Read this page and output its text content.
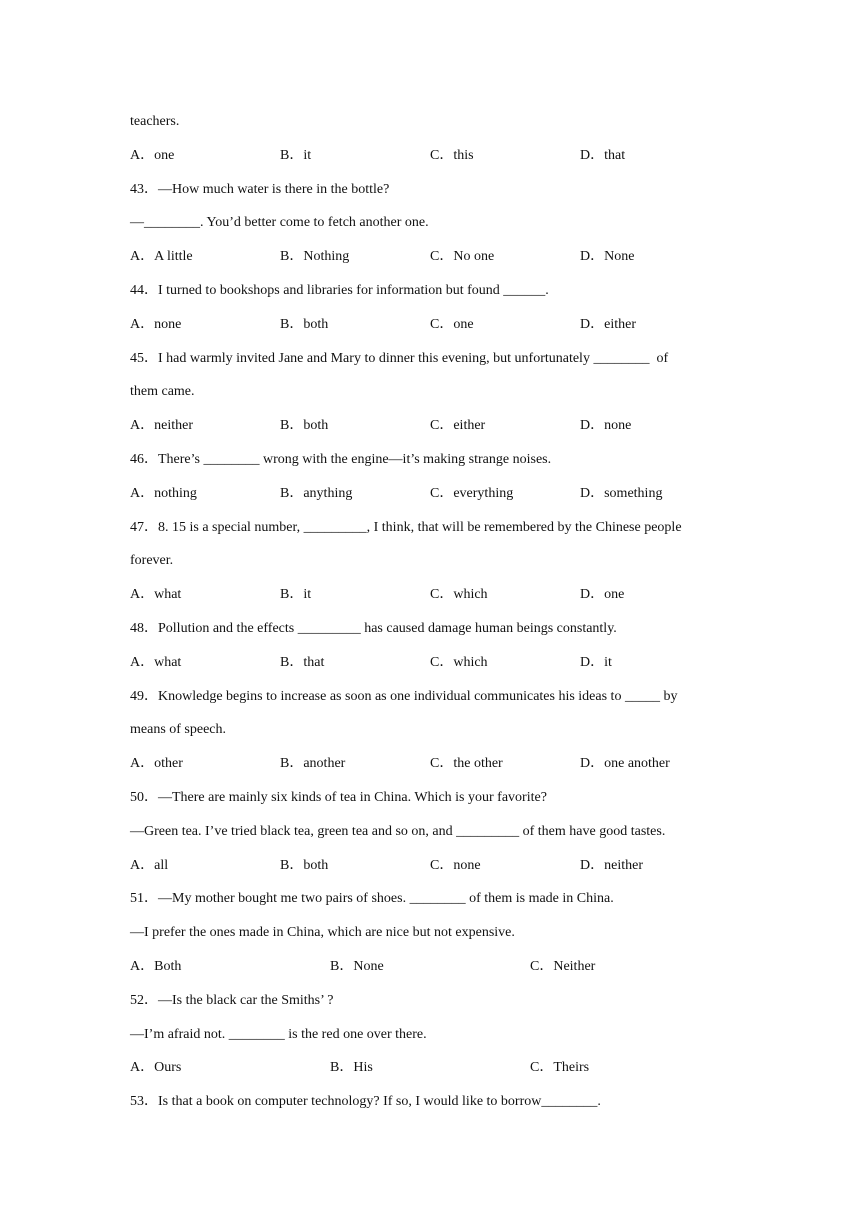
teachers.
A．one	B．it	C．this	D．that
43．—How much water is there in the bottle?
—________. You’d better come to fetch another one.
A．A little	B．Nothing	C．No one	D．None
44．I turned to bookshops and libraries for information but found ______.
A．none	B．both	C．one	D．either
45．I had warmly invited Jane and Mary to dinner this evening, but unfortunately ________  of
them came.
A．neither	B．both	C．either	D．none
46．There’s ________ wrong with the engine—it’s making strange noises.
A．nothing	B．anything	C．everything	D．something
47．8. 15 is a special number, _________, I think, that will be remembered by the Chinese people
forever.
A．what	B．it	C．which	D．one
48．Pollution and the effects _________ has caused damage human beings constantly.
A．what	B．that	C．which	D．it
49．Knowledge begins to increase as soon as one individual communicates his ideas to _____ by
means of speech.
A．other	B．another	C．the other	D．one another
50．—There are mainly six kinds of tea in China. Which is your favorite?
—Green tea. I’ve tried black tea, green tea and so on, and _________ of them have good tastes.
A．all	B．both	C．none	D．neither
51．—My mother bought me two pairs of shoes. ________ of them is made in China.
—I prefer the ones made in China, which are nice but not expensive.
A．Both	B．None	C．Neither
52．—Is the black car the Smiths’ ?
—I’m afraid not. ________ is the red one over there.
A．Ours	B．His	C．Theirs
53．Is that a book on computer technology? If so, I would like to borrow________.
